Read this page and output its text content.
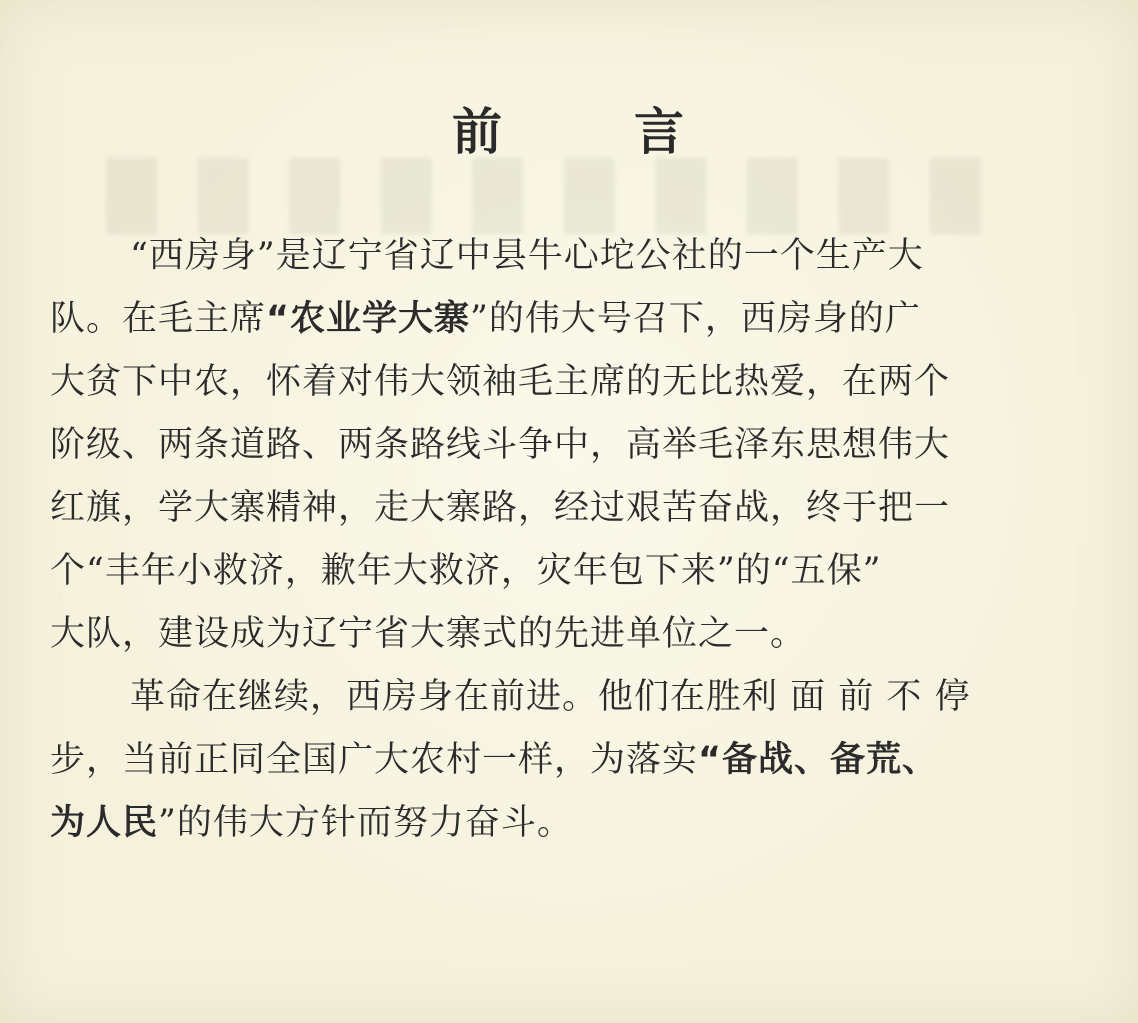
█ █ █ █ █ █ █ █ █ █
前	言
“西房身”是辽宁省辽中县牛心坨公社的一个生产大
队。在毛主席“农业学大寨”的伟大号召下，西房身的广
大贫下中农，怀着对伟大领袖毛主席的无比热爱，在两个
阶级、两条道路、两条路线斗争中，高举毛泽东思想伟大
红旗，学大寨精神，走大寨路，经过艰苦奋战，终于把一
个“丰年小救济，歉年大救济，灾年包下来”的“五保”
大队，建设成为辽宁省大寨式的先进单位之一。
革命在继续，西房身在前进。他们在胜利 面 前 不 停
步，当前正同全国广大农村一样，为落实“备战、备荒、
为人民”的伟大方针而努力奋斗。
